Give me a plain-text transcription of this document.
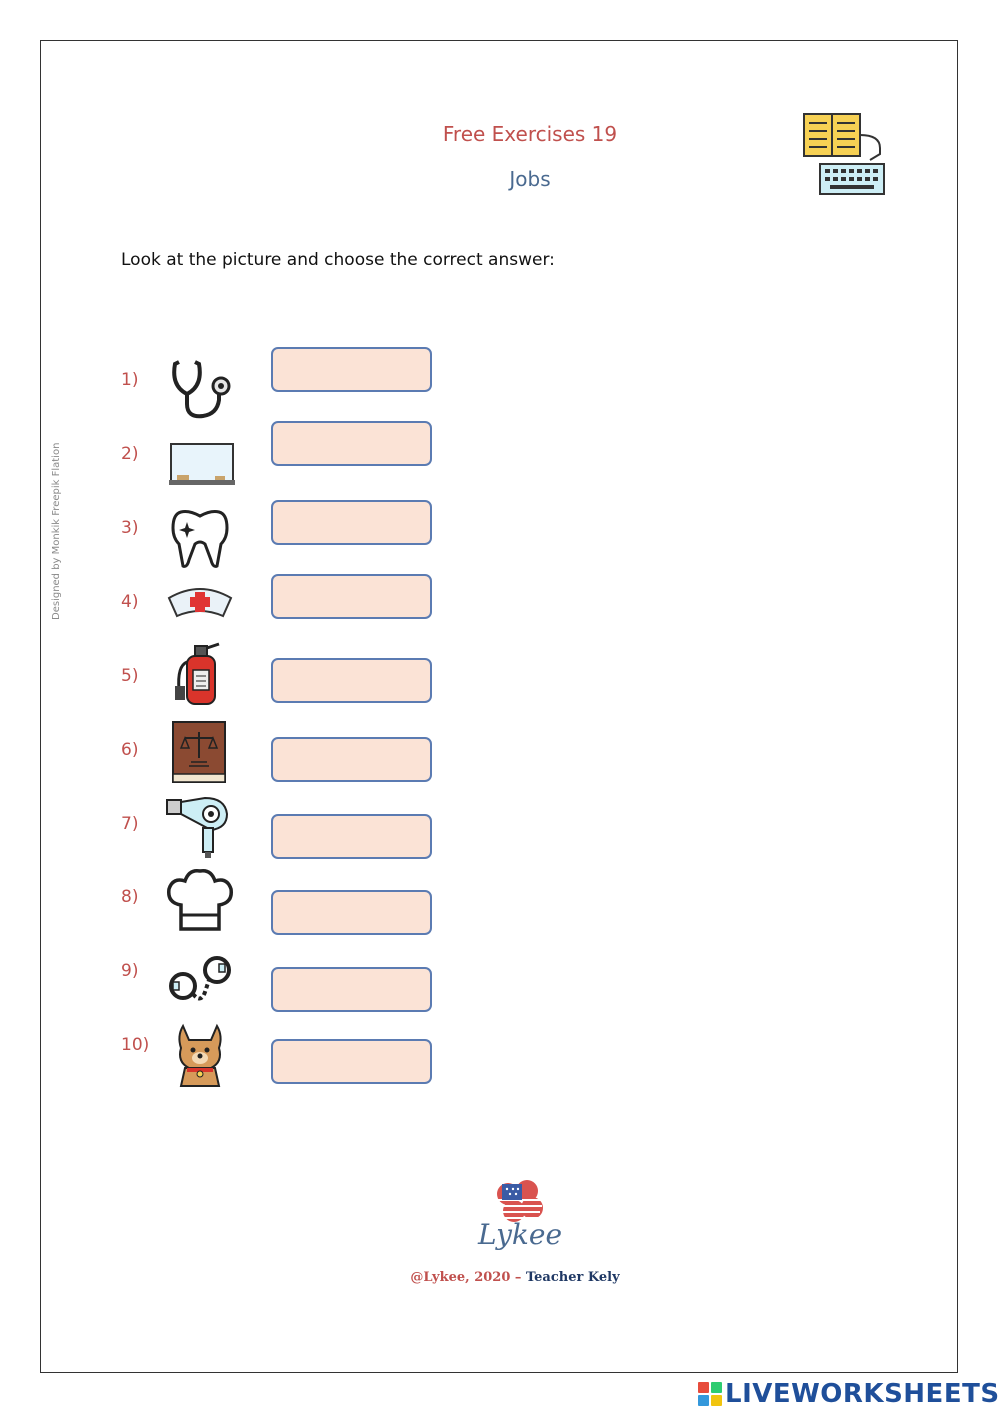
Free Exercises 19
Jobs
Look at the picture and choose the correct answer:
Designed by Monkik Freepik Flation
1)
2)
3)
4)
5)
6)
7)
8)
9)
10)
Lykee
@Lykee, 2020 – Teacher Kely
LIVEWORKSHEETS
